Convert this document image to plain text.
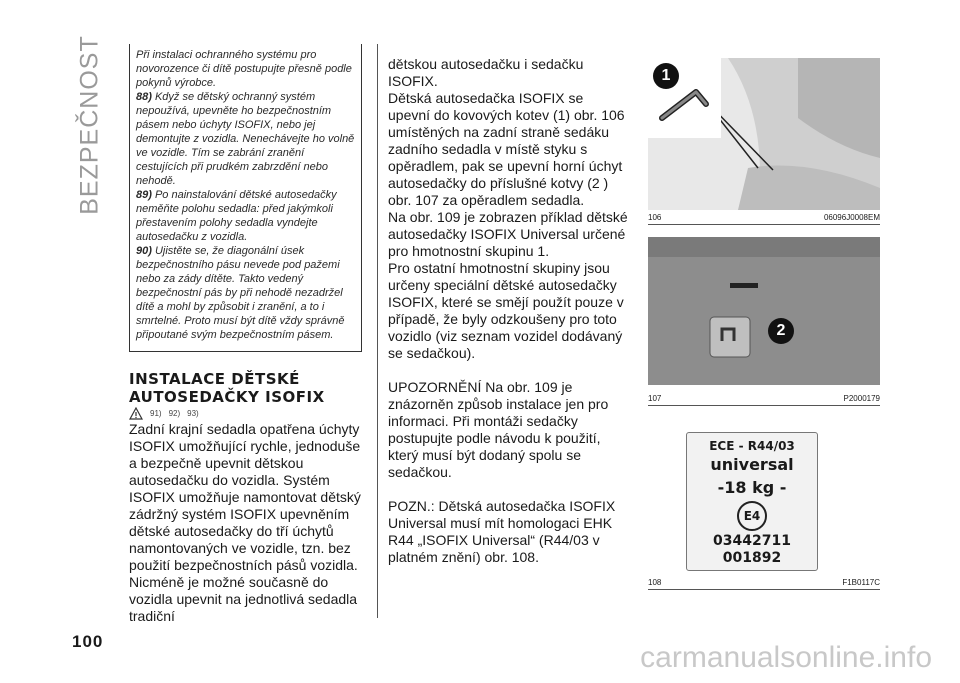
BEZPEČNOST	Při instalaci ochranného systému pro novorozence či dítě postupujte přesně podle pokynů výrobce.

88) Když se dětský ochranný systém nepoužívá, upevněte ho bezpečnostním pásem nebo úchyty ISOFIX, nebo jej demontujte z vozidla. Nenechávejte ho volně ve vozidle. Tím se zabrání zranění cestujících při prudkém zabrzdění nebo nehodě.

89) Po nainstalování dětské autosedačky neměňte polohu sedadla: před jakýmkoli přestavením polohy sedadla vyndejte autosedačku z vozidla.

90) Ujistěte se, že diagonální úsek bezpečnostního pásu nevede pod pažemi nebo za zády dítěte. Takto vedený bezpečnostní pás by při nehodě nezadržel dítě a mohl by způsobit i zranění, a to i smrtelné. Proto musí být dítě vždy správně připoutané svým bezpečnostním pásem.

INSTALACE DĚTSKÉ
AUTOSEDAČKY ISOFIX
91) 92) 93)

Zadní krajní sedadla opatřena úchyty ISOFIX umožňující rychle, jednoduše a bezpečně upevnit dětskou autosedačku do vozidla. Systém ISOFIX umožňuje namontovat dětský zádržný systém ISOFIX upevněním dětské autosedačky do tří úchytů namontovaných ve vozidle, tzn. bez použití bezpečnostních pásů vozidla. Nicméně je možné současně do vozidla upevnit na jednotlivá sedadla tradiční

dětskou autosedačku i sedačku ISOFIX.

Dětská autosedačka ISOFIX se upevní do kovových kotev (1) obr. 106 umístěných na zadní straně sedáku zadního sedadla v místě styku s opěradlem, pak se upevní horní úchyt autosedačky do příslušné kotvy (2 ) obr. 107 za opěradlem sedadla.

Na obr. 109 je zobrazen příklad dětské autosedačky ISOFIX Universal určené pro hmotnostní skupinu 1.

Pro ostatní hmotnostní skupiny jsou určeny speciální dětské autosedačky ISOFIX, které se smějí použít pouze v případě, že byly odzkoušeny pro toto vozidlo (viz seznam vozidel dodávaný se sedačkou).

UPOZORNĚNÍ Na obr. 109 je znázorněn způsob instalace jen pro informaci. Při montáži sedačky postupujte podle návodu k použití, který musí být dodaný spolu se sedačkou.

POZN.: Dětská autosedačka ISOFIX Universal musí mít homologaci EHK R44 „ISOFIX Universal“ (R44/03 v platném znění) obr. 108.

1
106	06096J0008EM
2
107	P2000179
ECE - R44/03
universal
-18 kg -
E4
03442711
001892
108	F1B0117C
100	carmanualsonline.info
